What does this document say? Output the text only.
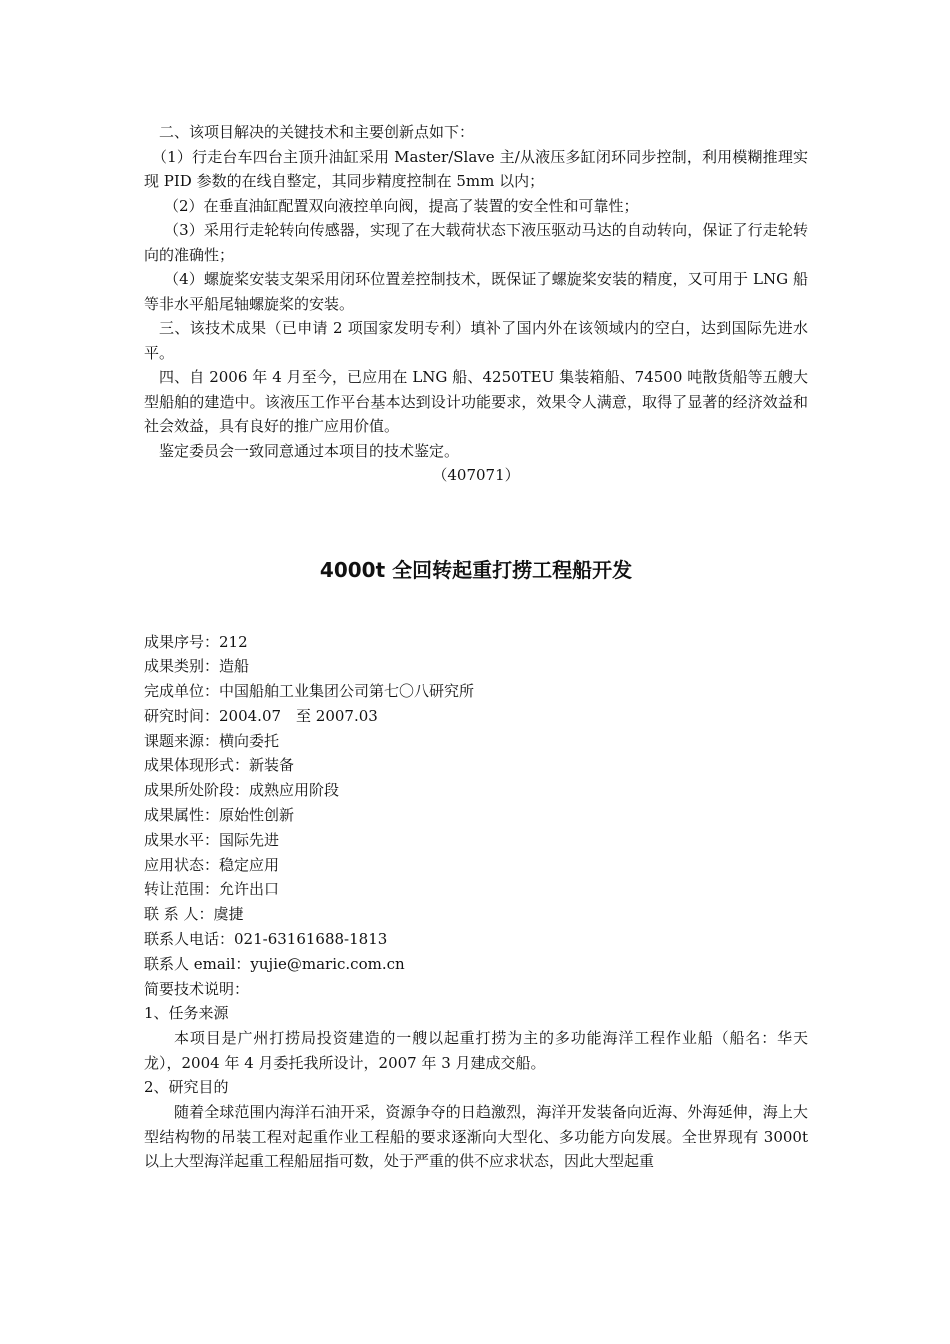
二、该项目解决的关键技术和主要创新点如下：

（1）行走台车四台主顶升油缸采用 Master/Slave 主/从液压多缸闭环同步控制，利用模糊推理实现 PID 参数的在线自整定，其同步精度控制在 5mm 以内；

（2）在垂直油缸配置双向液控单向阀，提高了装置的安全性和可靠性；

（3）采用行走轮转向传感器，实现了在大载荷状态下液压驱动马达的自动转向，保证了行走轮转向的准确性；

（4）螺旋桨安装支架采用闭环位置差控制技术，既保证了螺旋桨安装的精度，又可用于 LNG 船等非水平船尾轴螺旋桨的安装。

三、该技术成果（已申请 2 项国家发明专利）填补了国内外在该领域内的空白，达到国际先进水平。

四、自 2006 年 4 月至今，已应用在 LNG 船、4250TEU 集装箱船、74500 吨散货船等五艘大型船舶的建造中。该液压工作平台基本达到设计功能要求，效果令人满意，取得了显著的经济效益和社会效益，具有良好的推广应用价值。

鉴定委员会一致同意通过本项目的技术鉴定。

（407071）

4000t 全回转起重打捞工程船开发

成果序号：212

成果类别：造船

完成单位：中国船舶工业集团公司第七〇八研究所

研究时间：2004.07　至 2007.03

课题来源：横向委托

成果体现形式：新装备

成果所处阶段：成熟应用阶段

成果属性：原始性创新

成果水平：国际先进

应用状态：稳定应用

转让范围：允许出口

联 系 人：虞捷

联系人电话：021-63161688-1813

联系人 email：yujie@maric.com.cn

简要技术说明：

1、任务来源

本项目是广州打捞局投资建造的一艘以起重打捞为主的多功能海洋工程作业船（船名：华天龙），2004 年 4 月委托我所设计，2007 年 3 月建成交船。

2、研究目的

随着全球范围内海洋石油开采，资源争夺的日趋激烈，海洋开发装备向近海、外海延伸，海上大型结构物的吊装工程对起重作业工程船的要求逐渐向大型化、多功能方向发展。全世界现有 3000t 以上大型海洋起重工程船屈指可数，处于严重的供不应求状态，因此大型起重
